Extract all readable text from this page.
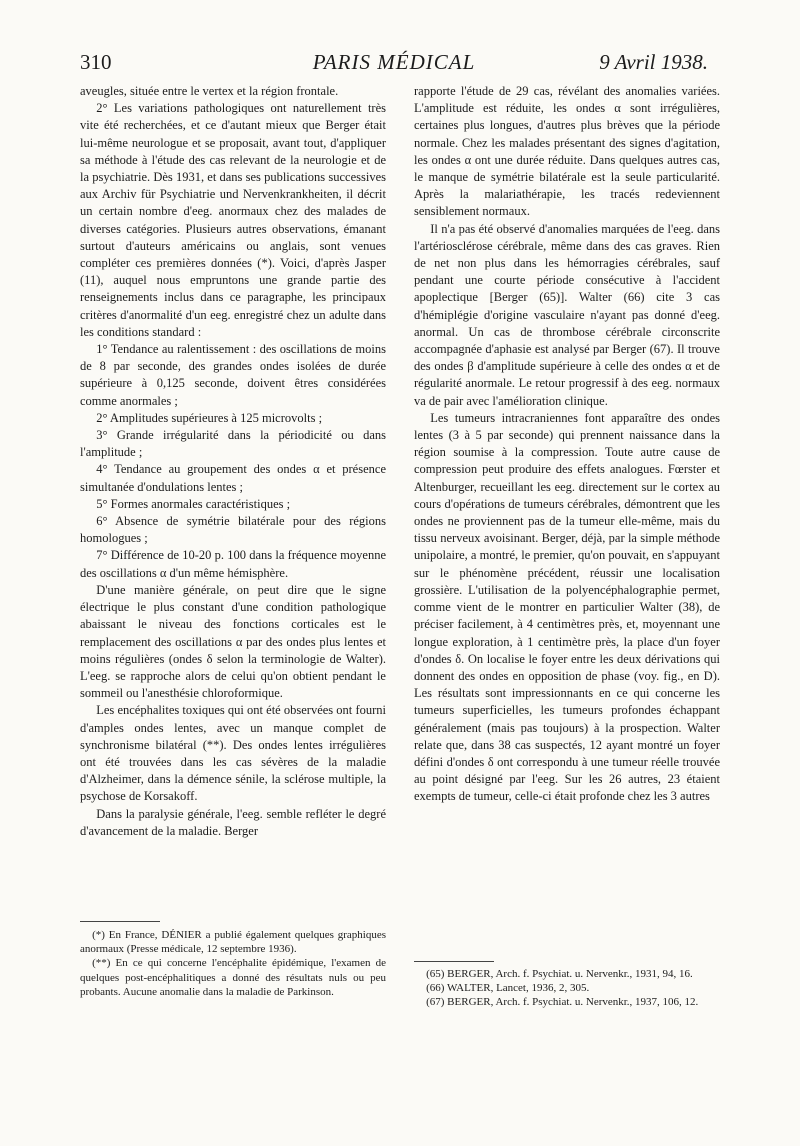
310	PARIS MÉDICAL	9 Avril 1938.

aveugles, située entre le vertex et la région frontale.

2° Les variations pathologiques ont naturellement très vite été recherchées, et ce d'autant mieux que Berger était lui-même neurologue et se proposait, avant tout, d'appliquer sa méthode à l'étude des cas relevant de la neurologie et de la psychiatrie. Dès 1931, et dans ses publications successives aux Archiv für Psychiatrie und Nervenkrankheiten, il décrit un certain nombre d'eeg. anormaux chez des malades de diverses catégories. Plusieurs autres observations, émanant surtout d'auteurs américains ou anglais, sont venues compléter ces premières données (*). Voici, d'après Jasper (11), auquel nous empruntons une grande partie des renseignements inclus dans ce paragraphe, les principaux critères d'anormalité d'un eeg. enregistré chez un adulte dans les conditions standard :

1° Tendance au ralentissement : des oscillations de moins de 8 par seconde, des grandes ondes isolées de durée supérieure à 0,125 seconde, doivent êtres considérées comme anormales ;

2° Amplitudes supérieures à 125 microvolts ;

3° Grande irrégularité dans la périodicité ou dans l'amplitude ;

4° Tendance au groupement des ondes α et présence simultanée d'ondulations lentes ;

5° Formes anormales caractéristiques ;

6° Absence de symétrie bilatérale pour des régions homologues ;

7° Différence de 10-20 p. 100 dans la fréquence moyenne des oscillations α d'un même hémisphère.

D'une manière générale, on peut dire que le signe électrique le plus constant d'une condition pathologique abaissant le niveau des fonctions corticales est le remplacement des oscillations α par des ondes plus lentes et moins régulières (ondes δ selon la terminologie de Walter). L'eeg. se rapproche alors de celui qu'on obtient pendant le sommeil ou l'anesthésie chloroformique.

Les encéphalites toxiques qui ont été observées ont fourni d'amples ondes lentes, avec un manque complet de synchronisme bilatéral (**). Des ondes lentes irrégulières ont été trouvées dans les cas sévères de la maladie d'Alzheimer, dans la démence sénile, la sclérose multiple, la psychose de Korsakoff.

Dans la paralysie générale, l'eeg. semble refléter le degré d'avancement de la maladie. Berger

(*) En France, DÉNIER a publié également quelques graphiques anormaux (Presse médicale, 12 septembre 1936).

(**) En ce qui concerne l'encéphalite épidémique, l'examen de quelques post-encéphalitiques a donné des résultats nuls ou peu probants. Aucune anomalie dans la maladie de Parkinson.

rapporte l'étude de 29 cas, révélant des anomalies variées. L'amplitude est réduite, les ondes α sont irrégulières, certaines plus longues, d'autres plus brèves que la période normale. Chez les malades présentant des signes d'agitation, les ondes α ont une durée réduite. Dans quelques autres cas, le manque de symétrie bilatérale est la seule particularité. Après la malariathérapie, les tracés redeviennent sensiblement normaux.

Il n'a pas été observé d'anomalies marquées de l'eeg. dans l'artériosclérose cérébrale, même dans des cas graves. Rien de net non plus dans les hémorragies cérébrales, sauf pendant une courte période consécutive à l'accident apoplectique [Berger (65)]. Walter (66) cite 3 cas d'hémiplégie d'origine vasculaire n'ayant pas donné d'eeg. anormal. Un cas de thrombose cérébrale circonscrite accompagnée d'aphasie est analysé par Berger (67). Il trouve des ondes β d'amplitude supérieure à celle des ondes α et de régularité anormale. Le retour progressif à des eeg. normaux va de pair avec l'amélioration clinique.

Les tumeurs intracraniennes font apparaître des ondes lentes (3 à 5 par seconde) qui prennent naissance dans la région soumise à la compression. Toute autre cause de compression peut produire des effets analogues. Fœrster et Altenburger, recueillant les eeg. directement sur le cortex au cours d'opérations de tumeurs cérébrales, démontrent que les ondes ne proviennent pas de la tumeur elle-même, mais du tissu nerveux avoisinant. Berger, déjà, par la simple méthode unipolaire, a montré, le premier, qu'on pouvait, en s'appuyant sur le phénomène précédent, réussir une localisation grossière. L'utilisation de la polyencéphalographie permet, comme vient de le montrer en particulier Walter (38), de préciser facilement, à 4 centimètres près, et, moyennant une longue exploration, à 1 centimètre près, la place d'un foyer d'ondes δ. On localise le foyer entre les deux dérivations qui donnent des ondes en opposition de phase (voy. fig., en D). Les résultats sont impressionnants en ce qui concerne les tumeurs superficielles, les tumeurs profondes échappant généralement (mais pas toujours) à la prospection. Walter relate que, dans 38 cas suspectés, 12 ayant montré un foyer défini d'ondes δ ont correspondu à une tumeur réelle trouvée au point désigné par l'eeg. Sur les 26 autres, 23 étaient exempts de tumeur, celle-ci était profonde chez les 3 autres

(65) BERGER, Arch. f. Psychiat. u. Nervenkr., 1931, 94, 16.

(66) WALTER, Lancet, 1936, 2, 305.

(67) BERGER, Arch. f. Psychiat. u. Nervenkr., 1937, 106, 12.
